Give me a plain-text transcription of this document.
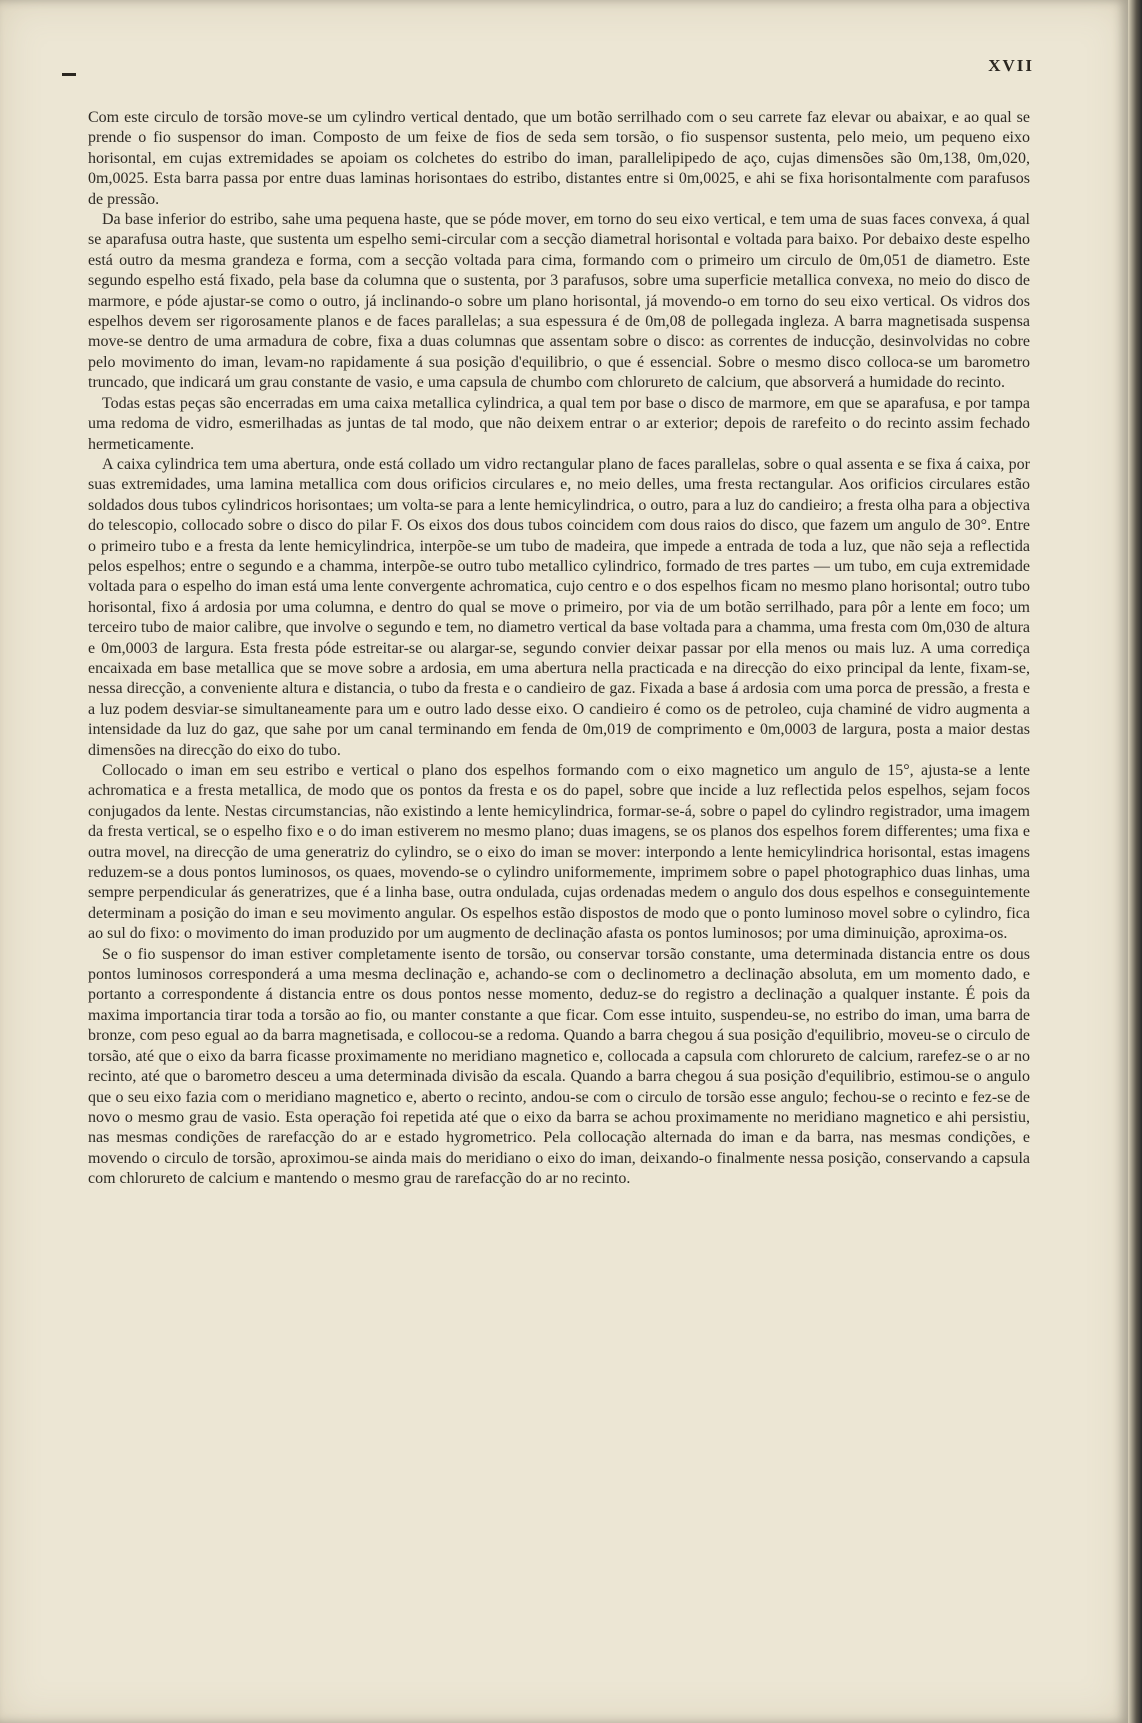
XVII

Com este circulo de torsão move-se um cylindro vertical dentado, que um botão serrilhado com o seu carrete faz elevar ou abaixar, e ao qual se prende o fio suspensor do iman. Composto de um feixe de fios de seda sem torsão, o fio suspensor sustenta, pelo meio, um pequeno eixo horisontal, em cujas extremidades se apoiam os colchetes do estribo do iman, parallelipipedo de aço, cujas dimensões são 0m,138, 0m,020, 0m,0025. Esta barra passa por entre duas laminas horisontaes do estribo, distantes entre si 0m,0025, e ahi se fixa horisontalmente com parafusos de pressão.

Da base inferior do estribo, sahe uma pequena haste, que se póde mover, em torno do seu eixo vertical, e tem uma de suas faces convexa, á qual se aparafusa outra haste, que sustenta um espelho semi-circular com a secção diametral horisontal e voltada para baixo. Por debaixo deste espelho está outro da mesma grandeza e forma, com a secção voltada para cima, formando com o primeiro um circulo de 0m,051 de diametro. Este segundo espelho está fixado, pela base da columna que o sustenta, por 3 parafusos, sobre uma superficie metallica convexa, no meio do disco de marmore, e póde ajustar-se como o outro, já inclinando-o sobre um plano horisontal, já movendo-o em torno do seu eixo vertical. Os vidros dos espelhos devem ser rigorosamente planos e de faces parallelas; a sua espessura é de 0m,08 de pollegada ingleza. A barra magnetisada suspensa move-se dentro de uma armadura de cobre, fixa a duas columnas que assentam sobre o disco: as correntes de inducção, desinvolvidas no cobre pelo movimento do iman, levam-no rapidamente á sua posição d'equilibrio, o que é essencial. Sobre o mesmo disco colloca-se um barometro truncado, que indicará um grau constante de vasio, e uma capsula de chumbo com chlorureto de calcium, que absorverá a humidade do recinto.

Todas estas peças são encerradas em uma caixa metallica cylindrica, a qual tem por base o disco de marmore, em que se aparafusa, e por tampa uma redoma de vidro, esmerilhadas as juntas de tal modo, que não deixem entrar o ar exterior; depois de rarefeito o do recinto assim fechado hermeticamente.

A caixa cylindrica tem uma abertura, onde está collado um vidro rectangular plano de faces parallelas, sobre o qual assenta e se fixa á caixa, por suas extremidades, uma lamina metallica com dous orificios circulares e, no meio delles, uma fresta rectangular. Aos orificios circulares estão soldados dous tubos cylindricos horisontaes; um volta-se para a lente hemicylindrica, o outro, para a luz do candieiro; a fresta olha para a objectiva do telescopio, collocado sobre o disco do pilar F. Os eixos dos dous tubos coincidem com dous raios do disco, que fazem um angulo de 30°. Entre o primeiro tubo e a fresta da lente hemicylindrica, interpõe-se um tubo de madeira, que impede a entrada de toda a luz, que não seja a reflectida pelos espelhos; entre o segundo e a chamma, interpõe-se outro tubo metallico cylindrico, formado de tres partes — um tubo, em cuja extremidade voltada para o espelho do iman está uma lente convergente achromatica, cujo centro e o dos espelhos ficam no mesmo plano horisontal; outro tubo horisontal, fixo á ardosia por uma columna, e dentro do qual se move o primeiro, por via de um botão serrilhado, para pôr a lente em foco; um terceiro tubo de maior calibre, que involve o segundo e tem, no diametro vertical da base voltada para a chamma, uma fresta com 0m,030 de altura e 0m,0003 de largura. Esta fresta póde estreitar-se ou alargar-se, segundo convier deixar passar por ella menos ou mais luz. A uma corrediça encaixada em base metallica que se move sobre a ardosia, em uma abertura nella practicada e na direcção do eixo principal da lente, fixam-se, nessa direcção, a conveniente altura e distancia, o tubo da fresta e o candieiro de gaz. Fixada a base á ardosia com uma porca de pressão, a fresta e a luz podem desviar-se simultaneamente para um e outro lado desse eixo. O candieiro é como os de petroleo, cuja chaminé de vidro augmenta a intensidade da luz do gaz, que sahe por um canal terminando em fenda de 0m,019 de comprimento e 0m,0003 de largura, posta a maior destas dimensões na direcção do eixo do tubo.

Collocado o iman em seu estribo e vertical o plano dos espelhos formando com o eixo magnetico um angulo de 15°, ajusta-se a lente achromatica e a fresta metallica, de modo que os pontos da fresta e os do papel, sobre que incide a luz reflectida pelos espelhos, sejam focos conjugados da lente. Nestas circumstancias, não existindo a lente hemicylindrica, formar-se-á, sobre o papel do cylindro registrador, uma imagem da fresta vertical, se o espelho fixo e o do iman estiverem no mesmo plano; duas imagens, se os planos dos espelhos forem differentes; uma fixa e outra movel, na direcção de uma generatriz do cylindro, se o eixo do iman se mover: interpondo a lente hemicylindrica horisontal, estas imagens reduzem-se a dous pontos luminosos, os quaes, movendo-se o cylindro uniformemente, imprimem sobre o papel photographico duas linhas, uma sempre perpendicular ás generatrizes, que é a linha base, outra ondulada, cujas ordenadas medem o angulo dos dous espelhos e conseguintemente determinam a posição do iman e seu movimento angular. Os espelhos estão dispostos de modo que o ponto luminoso movel sobre o cylindro, fica ao sul do fixo: o movimento do iman produzido por um augmento de declinação afasta os pontos luminosos; por uma diminuição, aproxima-os.

Se o fio suspensor do iman estiver completamente isento de torsão, ou conservar torsão constante, uma determinada distancia entre os dous pontos luminosos corresponderá a uma mesma declinação e, achando-se com o declinometro a declinação absoluta, em um momento dado, e portanto a correspondente á distancia entre os dous pontos nesse momento, deduz-se do registro a declinação a qualquer instante. É pois da maxima importancia tirar toda a torsão ao fio, ou manter constante a que ficar. Com esse intuito, suspendeu-se, no estribo do iman, uma barra de bronze, com peso egual ao da barra magnetisada, e collocou-se a redoma. Quando a barra chegou á sua posição d'equilibrio, moveu-se o circulo de torsão, até que o eixo da barra ficasse proximamente no meridiano magnetico e, collocada a capsula com chlorureto de calcium, rarefez-se o ar no recinto, até que o barometro desceu a uma determinada divisão da escala. Quando a barra chegou á sua posição d'equilibrio, estimou-se o angulo que o seu eixo fazia com o meridiano magnetico e, aberto o recinto, andou-se com o circulo de torsão esse angulo; fechou-se o recinto e fez-se de novo o mesmo grau de vasio. Esta operação foi repetida até que o eixo da barra se achou proximamente no meridiano magnetico e ahi persistiu, nas mesmas condições de rarefacção do ar e estado hygrometrico. Pela collocação alternada do iman e da barra, nas mesmas condições, e movendo o circulo de torsão, aproximou-se ainda mais do meridiano o eixo do iman, deixando-o finalmente nessa posição, conservando a capsula com chlorureto de calcium e mantendo o mesmo grau de rarefacção do ar no recinto.
